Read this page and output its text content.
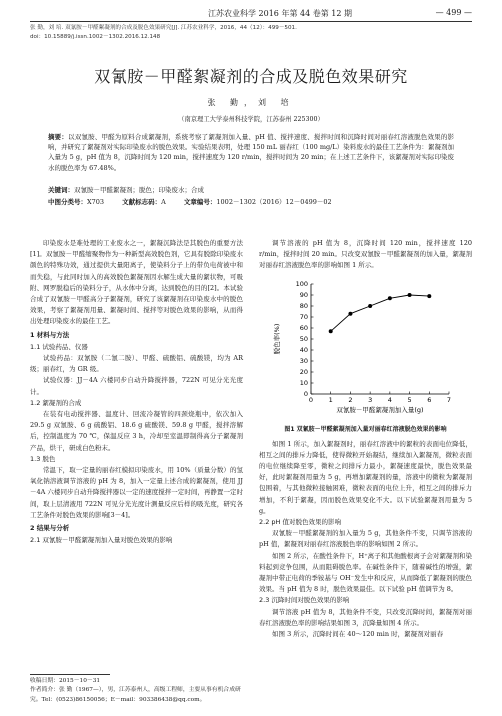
江苏农业科学 2016 年第 44 卷第 12 期	— 499 —
张 勤，刘 培. 双氰胺－甲醛絮凝剂的合成及脱色效果研究[J]. 江苏农业科学，2016，44（12）：499－501.
doi：10.15889/j.issn.1002－1302.2016.12.148
双氰胺－甲醛絮凝剂的合成及脱色效果研究
张 勤，刘 培
（南京理工大学泰州科技学院，江苏泰州 225300）
摘要：以双氰胺、甲醛为原料合成絮凝剂，系统考察了絮凝剂加入量、pH 值、搅拌速度、搅拌时间和沉降时间对丽春红溶液脱色效果的影响，并研究了絮凝剂对实际印染废水的脱色效果。实验结果表明，处理 150 mL 丽春红（100 mg/L）染料废水的最佳工艺条件为：絮凝剂加入量为 5 g，pH 值为 8，沉降时间为 120 min，搅拌速度为 120 r/min，搅拌时间为 20 min；在上述工艺条件下，该絮凝剂对实际印染废水的脱色率为 67.48%。
关键词：双氰胺－甲醛絮凝剂；脱色；印染废水；合成
中图分类号：X703	文献标志码：A	文章编号：1002－1302（2016）12－0499－02

印染废水是难处理的工业废水之一，絮凝沉降法是其脱色的重要方法[1]。双氰胺－甲醛缩聚物作为一种新型高效脱色剂，它具有脱除印染废水颜色的特殊功效，通过提供大量阳离子，使染料分子上的带负电荷被中和而失稳，与此同时加入的高效脱色絮凝剂因水解生成大量的絮状物，可吸附、网罗脱稳后的染料分子，从水体中分离，达到脱色的目的[2]。本试验合成了双氰胺－甲醛高分子絮凝剂，研究了该絮凝剂在印染废水中的脱色效果，考察了絮凝剂用量、絮凝时间、搅拌等对脱色效果的影响，从而得出处理印染废水的最佳工艺。

1 材料与方法

1.1 试验药品、仪器

试验药品：双氰胺（二氰二胺）、甲醛、硫酸铝、硫酸镁，均为 AR 级；丽春红，为 GR 级。

试验仪器：JJ－4A 六楼同步自动升降搅拌器，722N 可见分光光度计。

1.2 絮凝剂的合成

在装有电动搅拌器、温度计、回流冷凝管的四颈烧瓶中，依次加入 29.5 g 双氰胺、6 g 硫酸铝、18.6 g 硫酸镁、59.8 g 甲醛，搅拌溶解后，控制温度为 70 ℃，保温反应 3 h，冷却至室温即制得高分子絮凝剂产品，烘干，研成白色粉末。

1.3 脱色

常温下，取一定量的丽春红模拟印染废水，用 10%（质量分数）的氢氧化钠溶液调节溶液的 pH 为 8，加入一定量上述合成的絮凝剂，使用 JJ－4A 六楼同步自动升降搅拌器以一定的速度搅拌一定时间，再静置一定时间，取上层清液用 722N 可见分光光度计测量反应后样的吸光度，研究各工艺条件对脱色效果的影响[3－4]。

2 结果与分析

2.1 双氰胺－甲醛絮凝剂加入量对脱色效果的影响

调节溶液的 pH 值为 8，沉降时间 120 min，搅拌速度 120 r/min，搅拌时间 20 min。只改变双氰胺－甲醛絮凝剂的加入量，絮凝剂对丽春红溶液脱色率的影响如图 1 所示。

0
10
20
30
40
50
60
70
80
90
100
0 1 2 3 4 5 6 7
脱色率(%)
双氰胺－甲醛絮凝剂加入量(g)
图1 双氰胺－甲醛絮凝剂加入量对丽春红溶液脱色效果的影响

如图 1 所示，加入絮凝剂时，丽春红溶液中的絮粒的表面电位降低，相互之间的排斥力降低，使得微粒开始凝结，继续加入絮凝剂，微粒表面的电位继续降至零，微粒之间排斥力最小，絮凝速度最快，脱色效果最好，此时絮凝剂用量为 5 g，再增加絮凝剂的量，溶液中的微粒为絮凝剂包围着，与其他微粒接触困难，微粒表面的电位上升，相互之间的排斥力增加，不利于絮凝，因而脱色效果变化不大。以下试验絮凝剂用量为 5 g。

2.2 pH 值对脱色效果的影响

双氰胺－甲醛絮凝剂的加入量为 5 g，其他条件不变，只调节溶液的 pH 值，絮凝剂对丽春红溶液脱色率的影响如图 2 所示。

如图 2 所示，在酸性条件下，H⁺离子和其他酸根离子会对絮凝剂和染料起到竞争包围，从而阻碍脱色率。在碱性条件下，随着碱性的增强，絮凝剂中带正电荷的季铵基与 OH⁻发生中和反应，从而降低了絮凝剂的脱色效果。当 pH 值为 8 时，脱色效果最佳。以下试验 pH 值调节为 8。

2.3 沉降时间对脱色效果的影响

调节溶液 pH 值为 8，其他条件不变，只改变沉降时间，絮凝剂对丽春红溶液脱色率的影响结果如图 3，沉降量如图 4 所示。

如图 3 所示，沉降时间在 40～120 min 时，絮凝剂对丽春

收稿日期：2015－10－31
作者简介：张 勤（1967—），男，江苏泰州人，高级工程师，主要从事有机合成研究。Tel：(0523)86150056；E－mail：903386438@qq.com。
